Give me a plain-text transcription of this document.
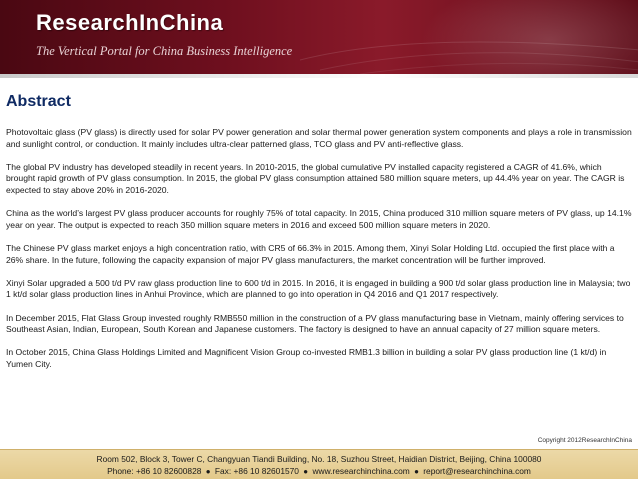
ResearchInChina
The Vertical Portal for China Business Intelligence
Abstract

Photovoltaic glass (PV glass) is directly used for solar PV power generation and solar thermal power generation system components and plays a role in transmission and sunlight control, or conduction. It mainly includes ultra-clear patterned glass, TCO glass and PV anti-reflective glass.

The global PV industry has developed steadily in recent years. In 2010-2015, the global cumulative PV installed capacity registered a CAGR of 41.6%, which brought rapid growth of PV glass consumption. In 2015, the global PV glass consumption attained 580 million square meters, up 44.4% year on year. The CAGR is expected to stay above 20% in 2016-2020.

China as the world’s largest PV glass producer accounts for roughly 75% of total capacity. In 2015, China produced 310 million square meters of PV glass, up 14.1% year on year. The output is expected to reach 350 million square meters in 2016 and exceed 500 million square meters in 2020.

The Chinese PV glass market enjoys a high concentration ratio, with CR5 of 66.3% in 2015. Among them, Xinyi Solar Holding Ltd. occupied the first place with a 26% share. In the future, following the capacity expansion of major PV glass manufacturers, the market concentration will be further improved.

Xinyi Solar upgraded a 500 t/d PV raw glass production line to 600 t/d in 2015. In 2016, it is engaged in building a 900 t/d solar glass production line in Malaysia; two 1 kt/d solar glass production lines in Anhui Province, which are planned to go into operation in Q4 2016 and Q1 2017 respectively.

In December 2015, Flat Glass Group invested roughly RMB550 million in the construction of a PV glass manufacturing base in Vietnam, mainly offering services to Southeast Asian, Indian, European, South Korean and Japanese customers. The factory is designed to have an annual capacity of 27 million square meters.

In October 2015, China Glass Holdings Limited and Magnificent Vision Group co-invested RMB1.3 billion in building a solar PV glass production line (1 kt/d) in Yumen City.

Copyright 2012ResearchInChina
Room 502, Block 3, Tower C, Changyuan Tiandi Building, No. 18, Suzhou Street, Haidian District, Beijing, China 100080
Phone: +86 10 82600828 ● Fax: +86 10 82601570 ● www.researchinchina.com ● report@researchinchina.com
